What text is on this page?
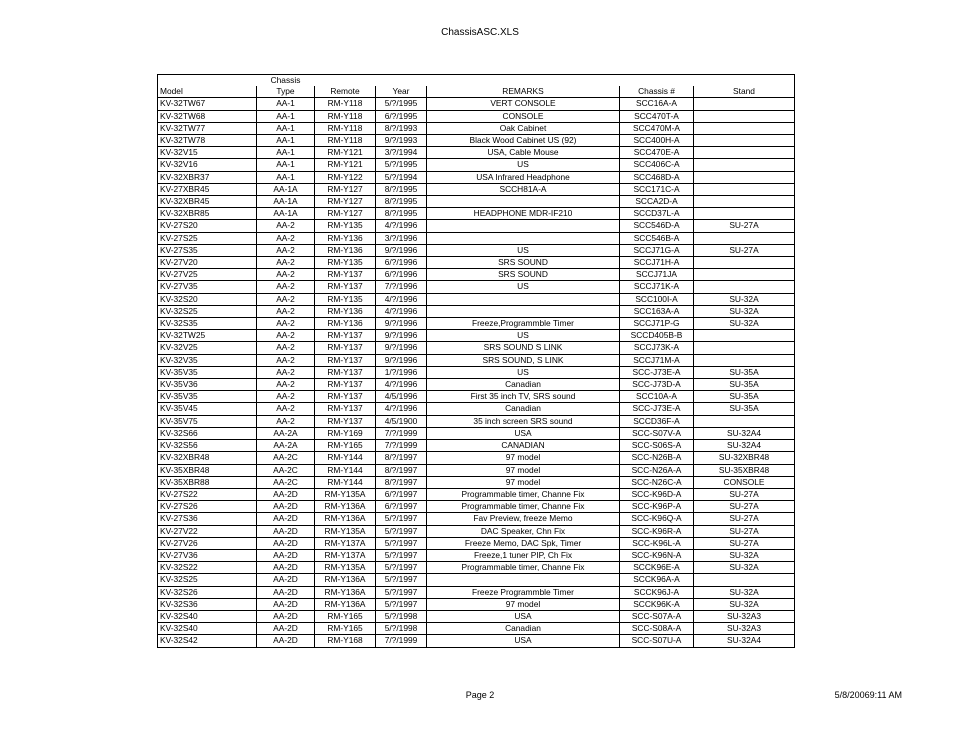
ChassisASC.XLS
	Chassis					
Model	Type	Remote	Year	REMARKS	Chassis #	Stand
KV-32TW67	AA-1	RM-Y118	5/?/1995	VERT CONSOLE	SCC16A-A	
KV-32TW68	AA-1	RM-Y118	6/?/1995	CONSOLE	SCC470T-A	
KV-32TW77	AA-1	RM-Y118	8/?/1993	Oak Cabinet	SCC470M-A	
KV-32TW78	AA-1	RM-Y118	9/?/1993	Black Wood Cabinet US (92)	SCC400H-A	
KV-32V15	AA-1	RM-Y121	3/?/1994	USA, Cable Mouse	SCC470E-A	
KV-32V16	AA-1	RM-Y121	5/?/1995	US	SCC406C-A	
KV-32XBR37	AA-1	RM-Y122	5/?/1994	USA Infrared Headphone	SCC468D-A	
KV-27XBR45	AA-1A	RM-Y127	8/?/1995	SCCH81A-A	SCC171C-A	
KV-32XBR45	AA-1A	RM-Y127	8/?/1995		SCCA2D-A	
KV-32XBR85	AA-1A	RM-Y127	8/?/1995	HEADPHONE MDR-IF210	SCCD37L-A	
KV-27S20	AA-2	RM-Y135	4/?/1996		SCC546D-A	SU-27A
KV-27S25	AA-2	RM-Y136	3/?/1996		SCC546B-A	
KV-27S35	AA-2	RM-Y136	9/?/1996	US	SCCJ71G-A	SU-27A
KV-27V20	AA-2	RM-Y135	6/?/1996	SRS SOUND	SCCJ71H-A	
KV-27V25	AA-2	RM-Y137	6/?/1996	SRS SOUND	SCCJ71JA	
KV-27V35	AA-2	RM-Y137	7/?/1996	US	SCCJ71K-A	
KV-32S20	AA-2	RM-Y135	4/?/1996		SCC100I-A	SU-32A
KV-32S25	AA-2	RM-Y136	4/?/1996		SCC163A-A	SU-32A
KV-32S35	AA-2	RM-Y136	9/?/1996	Freeze,Programmble Timer	SCCJ71P-G	SU-32A
KV-32TW25	AA-2	RM-Y137	9/?/1996	US	SCCD405B-B	
KV-32V25	AA-2	RM-Y137	9/?/1996	SRS SOUND S LINK	SCCJ73K-A	
KV-32V35	AA-2	RM-Y137	9/?/1996	SRS SOUND, S LINK	SCCJ71M-A	
KV-35V35	AA-2	RM-Y137	1/?/1996	US	SCC-J73E-A	SU-35A
KV-35V36	AA-2	RM-Y137	4/?/1996	Canadian	SCC-J73D-A	SU-35A
KV-35V35	AA-2	RM-Y137	4/5/1996	First 35 inch TV, SRS sound	SCC10A-A	SU-35A
KV-35V45	AA-2	RM-Y137	4/?/1996	Canadian	SCC-J73E-A	SU-35A
KV-35V75	AA-2	RM-Y137	4/5/1900	35 inch screen SRS sound	SCCD36F-A	
KV-32S66	AA-2A	RM-Y169	7/?/1999	USA	SCC-S07V-A	SU-32A4
KV-32S56	AA-2A	RM-Y165	7/?/1999	CANADIAN	SCC-S06S-A	SU-32A4
KV-32XBR48	AA-2C	RM-Y144	8/?/1997	97 model	SCC-N26B-A	SU-32XBR48
KV-35XBR48	AA-2C	RM-Y144	8/?/1997	97 model	SCC-N26A-A	SU-35XBR48
KV-35XBR88	AA-2C	RM-Y144	8/?/1997	97 model	SCC-N26C-A	CONSOLE
KV-27S22	AA-2D	RM-Y135A	6/?/1997	Programmable timer, Channe Fix	SCC-K96D-A	SU-27A
KV-27S26	AA-2D	RM-Y136A	6/?/1997	Programmable timer, Channe Fix	SCC-K96P-A	SU-27A
KV-27S36	AA-2D	RM-Y136A	5/?/1997	Fav Preview, freeze Memo	SCC-K96Q-A	SU-27A
KV-27V22	AA-2D	RM-Y135A	5/?/1997	DAC Speaker, Chn Fix	SCC-K96R-A	SU-27A
KV-27V26	AA-2D	RM-Y137A	5/?/1997	Freeze Memo, DAC Spk, Timer	SCC-K96L-A	SU-27A
KV-27V36	AA-2D	RM-Y137A	5/?/1997	Freeze,1 tuner PIP, Ch Fix	SCC-K96N-A	SU-32A
KV-32S22	AA-2D	RM-Y135A	5/?/1997	Programmable timer, Channe Fix	SCCK96E-A	SU-32A
KV-32S25	AA-2D	RM-Y136A	5/?/1997		SCCK96A-A	
KV-32S26	AA-2D	RM-Y136A	5/?/1997	Freeze Programmble Timer	SCCK96J-A	SU-32A
KV-32S36	AA-2D	RM-Y136A	5/?/1997	97 model	SCCK96K-A	SU-32A
KV-32S40	AA-2D	RM-Y165	5/?/1998	USA	SCC-S07A-A	SU-32A3
KV-32S40	AA-2D	RM-Y165	5/?/1998	Canadian	SCC-S08A-A	SU-32A3
KV-32S42	AA-2D	RM-Y168	7/?/1999	USA	SCC-S07U-A	SU-32A4
Page 2	5/8/20069:11 AM
